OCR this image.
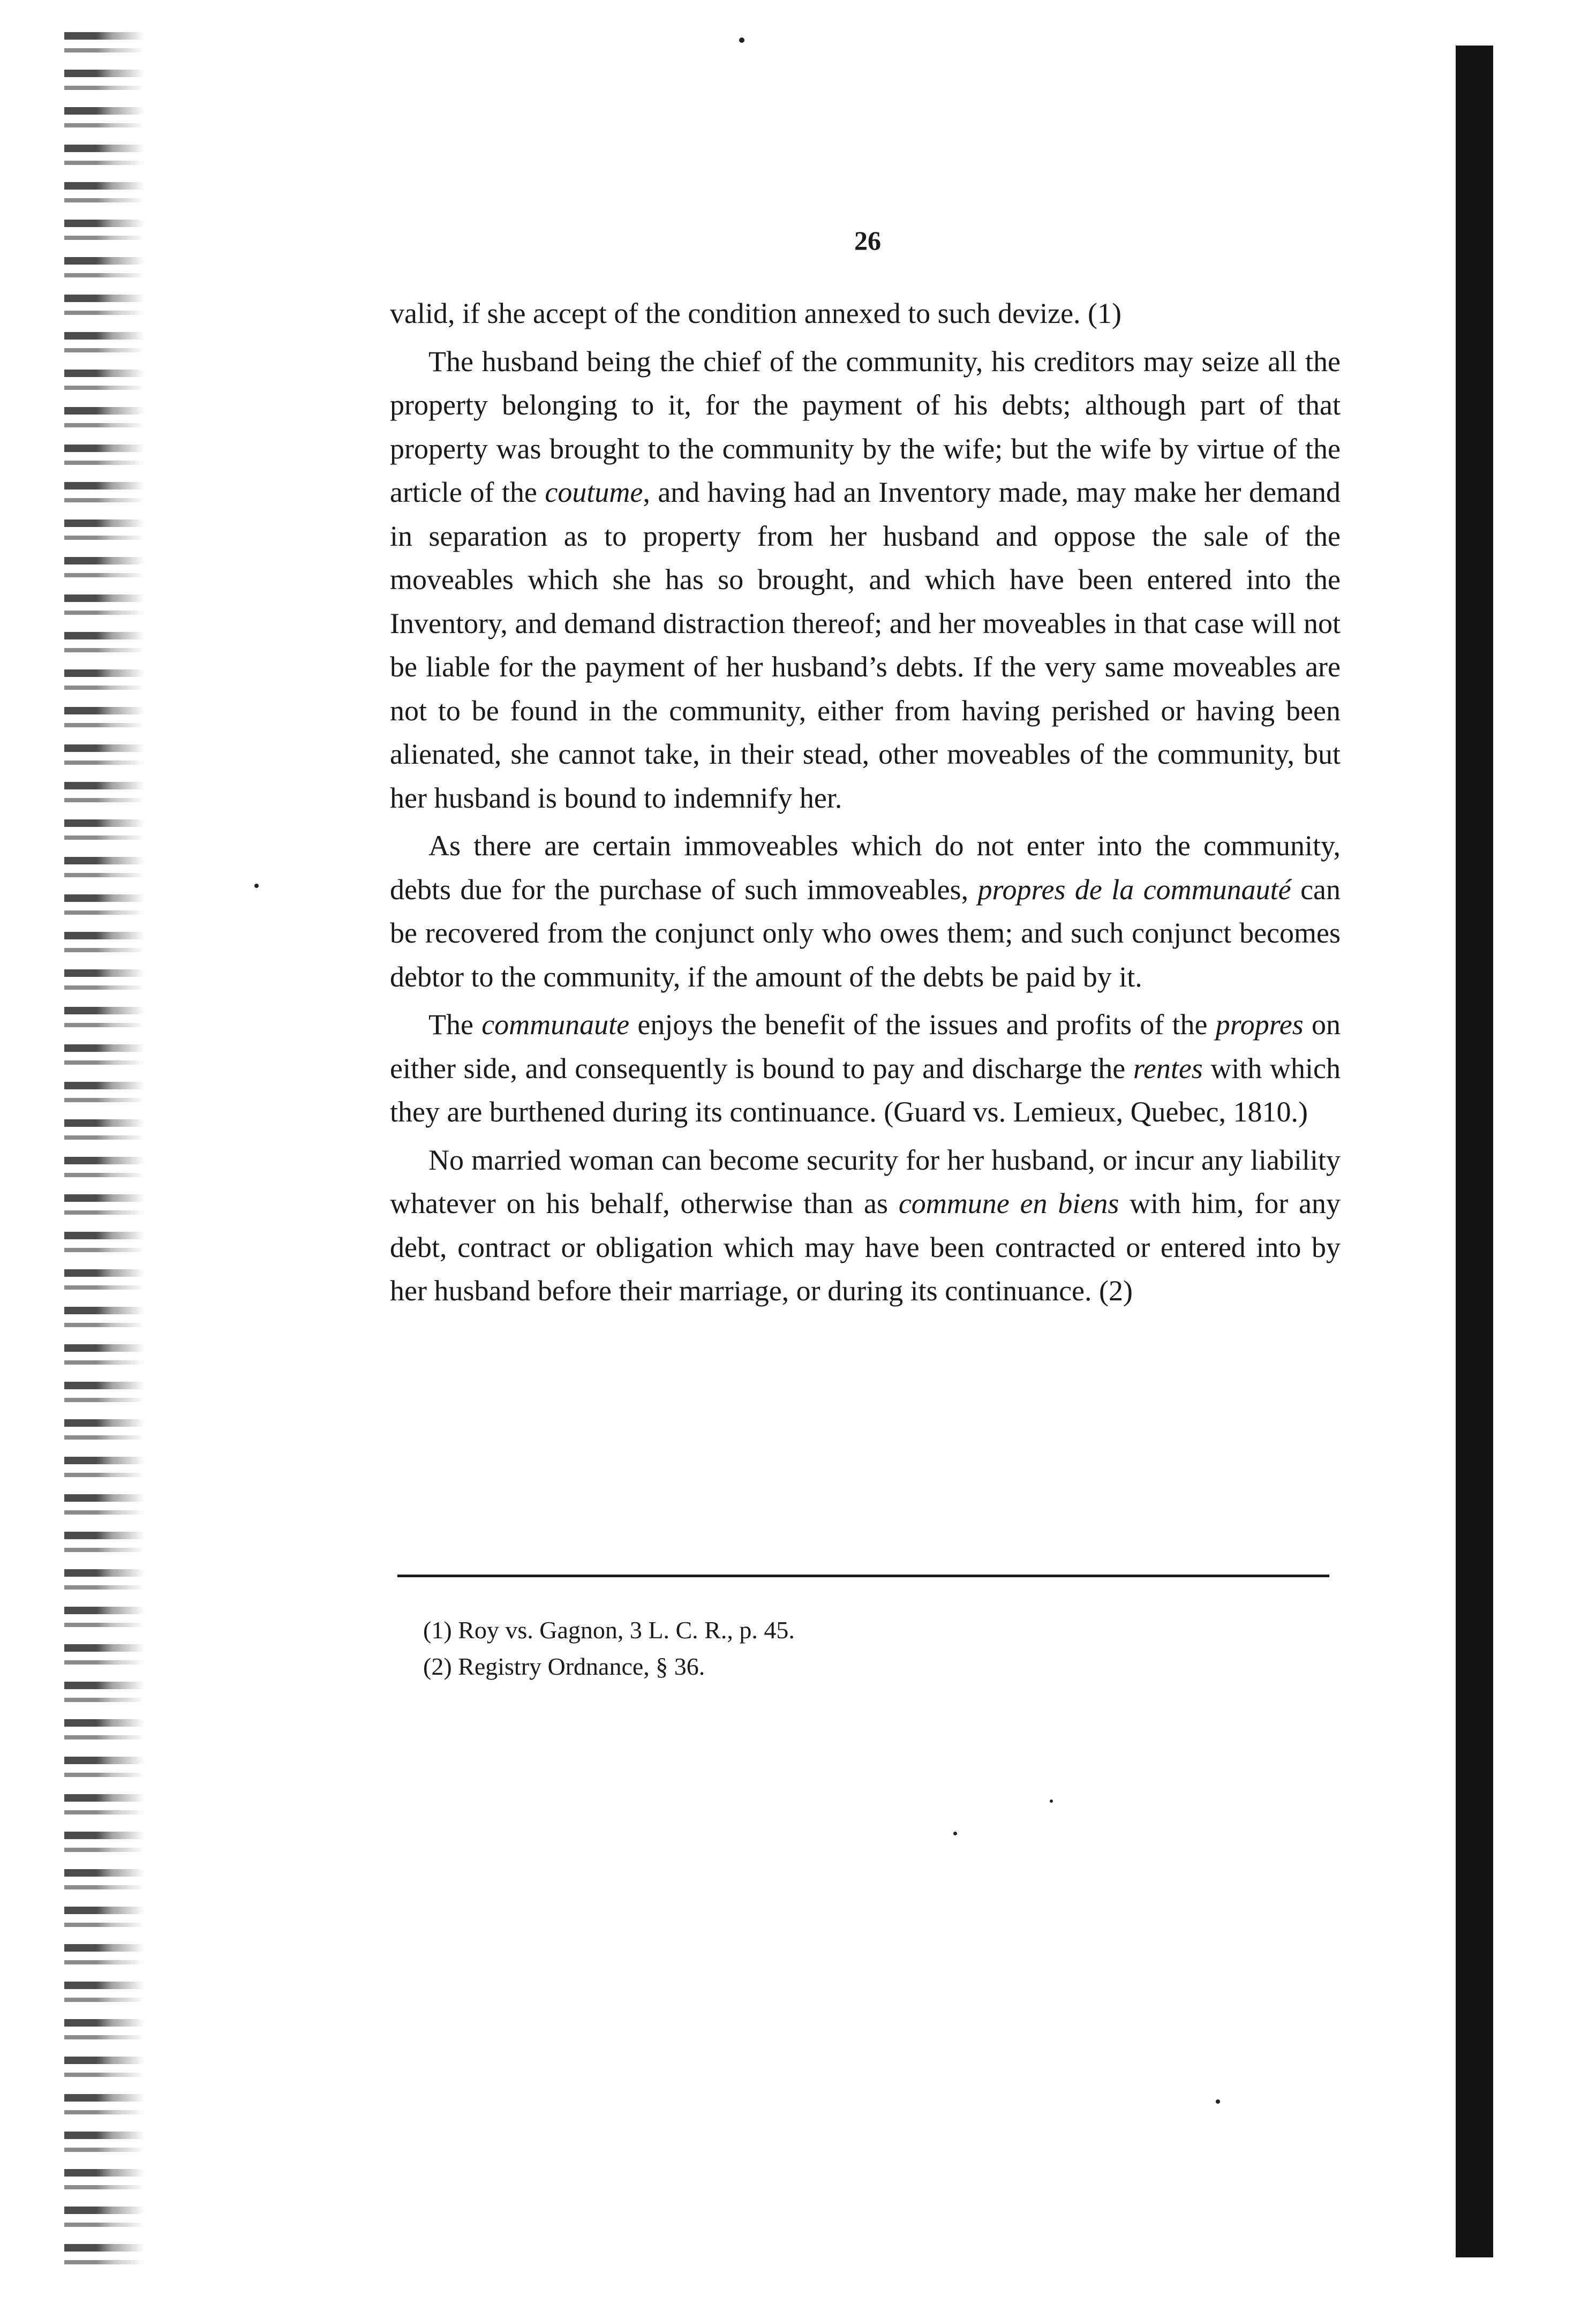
26

valid, if she accept of the condition annexed to such devize. (1)

The husband being the chief of the community, his creditors may seize all the property belonging to it, for the payment of his debts; although part of that property was brought to the community by the wife; but the wife by virtue of the article of the coutume, and having had an Inventory made, may make her demand in separation as to property from her husband and oppose the sale of the moveables which she has so brought, and which have been entered into the Inventory, and demand distraction thereof; and her moveables in that case will not be liable for the payment of her husband’s debts. If the very same moveables are not to be found in the community, either from having perished or having been alienated, she cannot take, in their stead, other moveables of the community, but her husband is bound to indemnify her.

As there are certain immoveables which do not enter into the community, debts due for the purchase of such immoveables, propres de la communauté can be recovered from the conjunct only who owes them; and such conjunct becomes debtor to the community, if the amount of the debts be paid by it.

The communaute enjoys the benefit of the issues and profits of the propres on either side, and consequently is bound to pay and discharge the rentes with which they are burthened during its continuance. (Guard vs. Lemieux, Quebec, 1810.)

No married woman can become security for her husband, or incur any liability whatever on his behalf, otherwise than as commune en biens with him, for any debt, contract or obligation which may have been contracted or entered into by her husband before their marriage, or during its continuance. (2)

(1) Roy vs. Gagnon, 3 L. C. R., p. 45.
(2) Registry Ordnance, § 36.
